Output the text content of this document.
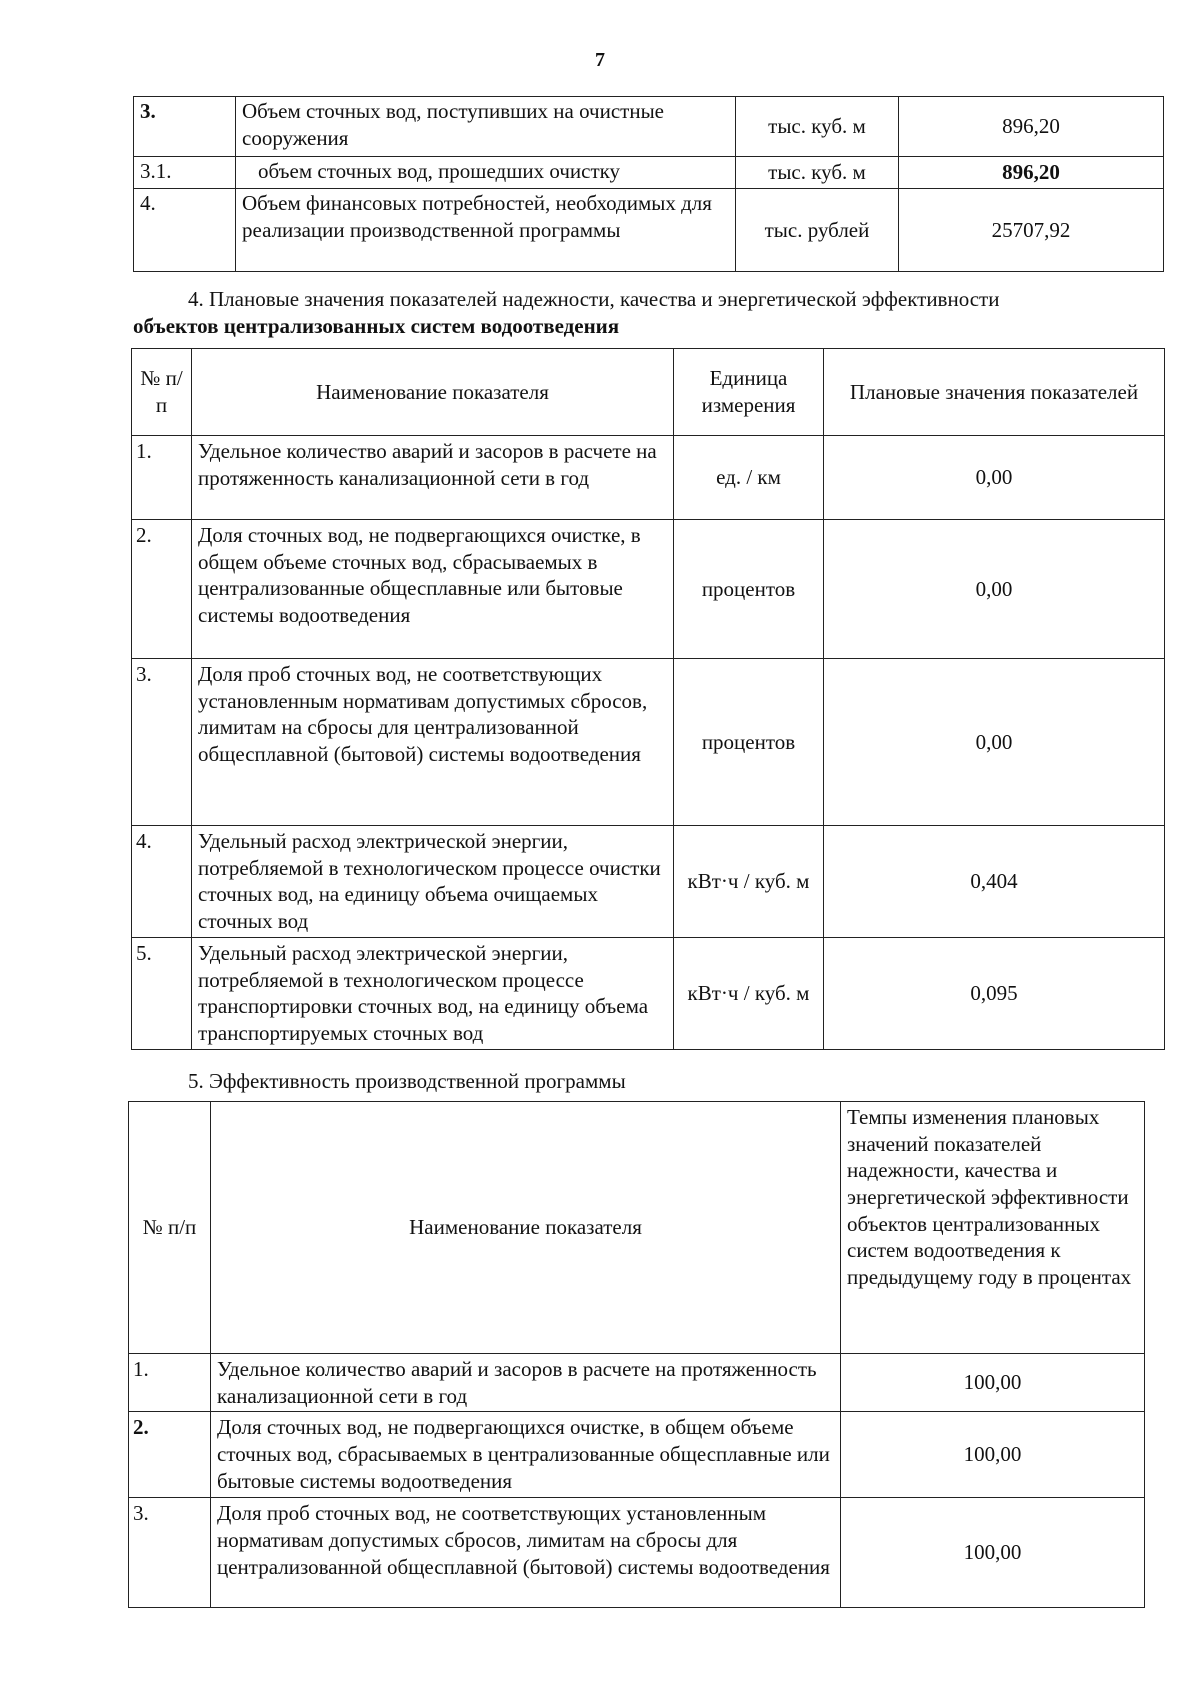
7
3.	Объем сточных вод, поступивших на очистные сооружения	тыс. куб. м	896,20
3.1.	объем сточных вод, прошедших очистку	тыс. куб. м	896,20
4.	Объем финансовых потребностей, необходимых для реализации производственной программы	тыс. рублей	25707,92
4. Плановые значения показателей надежности, качества и энергетической эффективности
объектов централизованных систем водоотведения
№ п/п	Наименование показателя	Единица измерения	Плановые значения показателей
1.	Удельное количество аварий и засоров в расчете на протяженность канализационной сети в год	ед. / км	0,00
2.	Доля сточных вод, не подвергающихся очистке, в общем объеме сточных вод, сбрасываемых в централизованные общесплавные или бытовые системы водоотведения	процентов	0,00
3.	Доля проб сточных вод, не соответствующих установленным нормативам допустимых сбросов, лимитам на сбросы для централизованной общесплавной (бытовой) системы водоотведения	процентов	0,00
4.	Удельный расход электрической энергии, потребляемой в технологическом процессе очистки сточных вод, на единицу объема очищаемых сточных вод	кВт·ч / куб. м	0,404
5.	Удельный расход электрической энергии, потребляемой в технологическом процессе транспортировки сточных вод, на единицу объема транспортируемых сточных вод	кВт·ч / куб. м	0,095
5. Эффективность производственной программы
№ п/п	Наименование показателя	Темпы изменения плановых значений показателей надежности, качества и энергетической эффективности объектов централизованных систем водоотведения к предыдущему году в процентах
1.	Удельное количество аварий и засоров в расчете на протяженность канализационной сети в год	100,00
2.	Доля сточных вод, не подвергающихся очистке, в общем объеме сточных вод, сбрасываемых в централизованные общесплавные или бытовые системы водоотведения	100,00
3.	Доля проб сточных вод, не соответствующих установленным нормативам допустимых сбросов, лимитам на сбросы для централизованной общесплавной (бытовой) системы водоотведения	100,00
